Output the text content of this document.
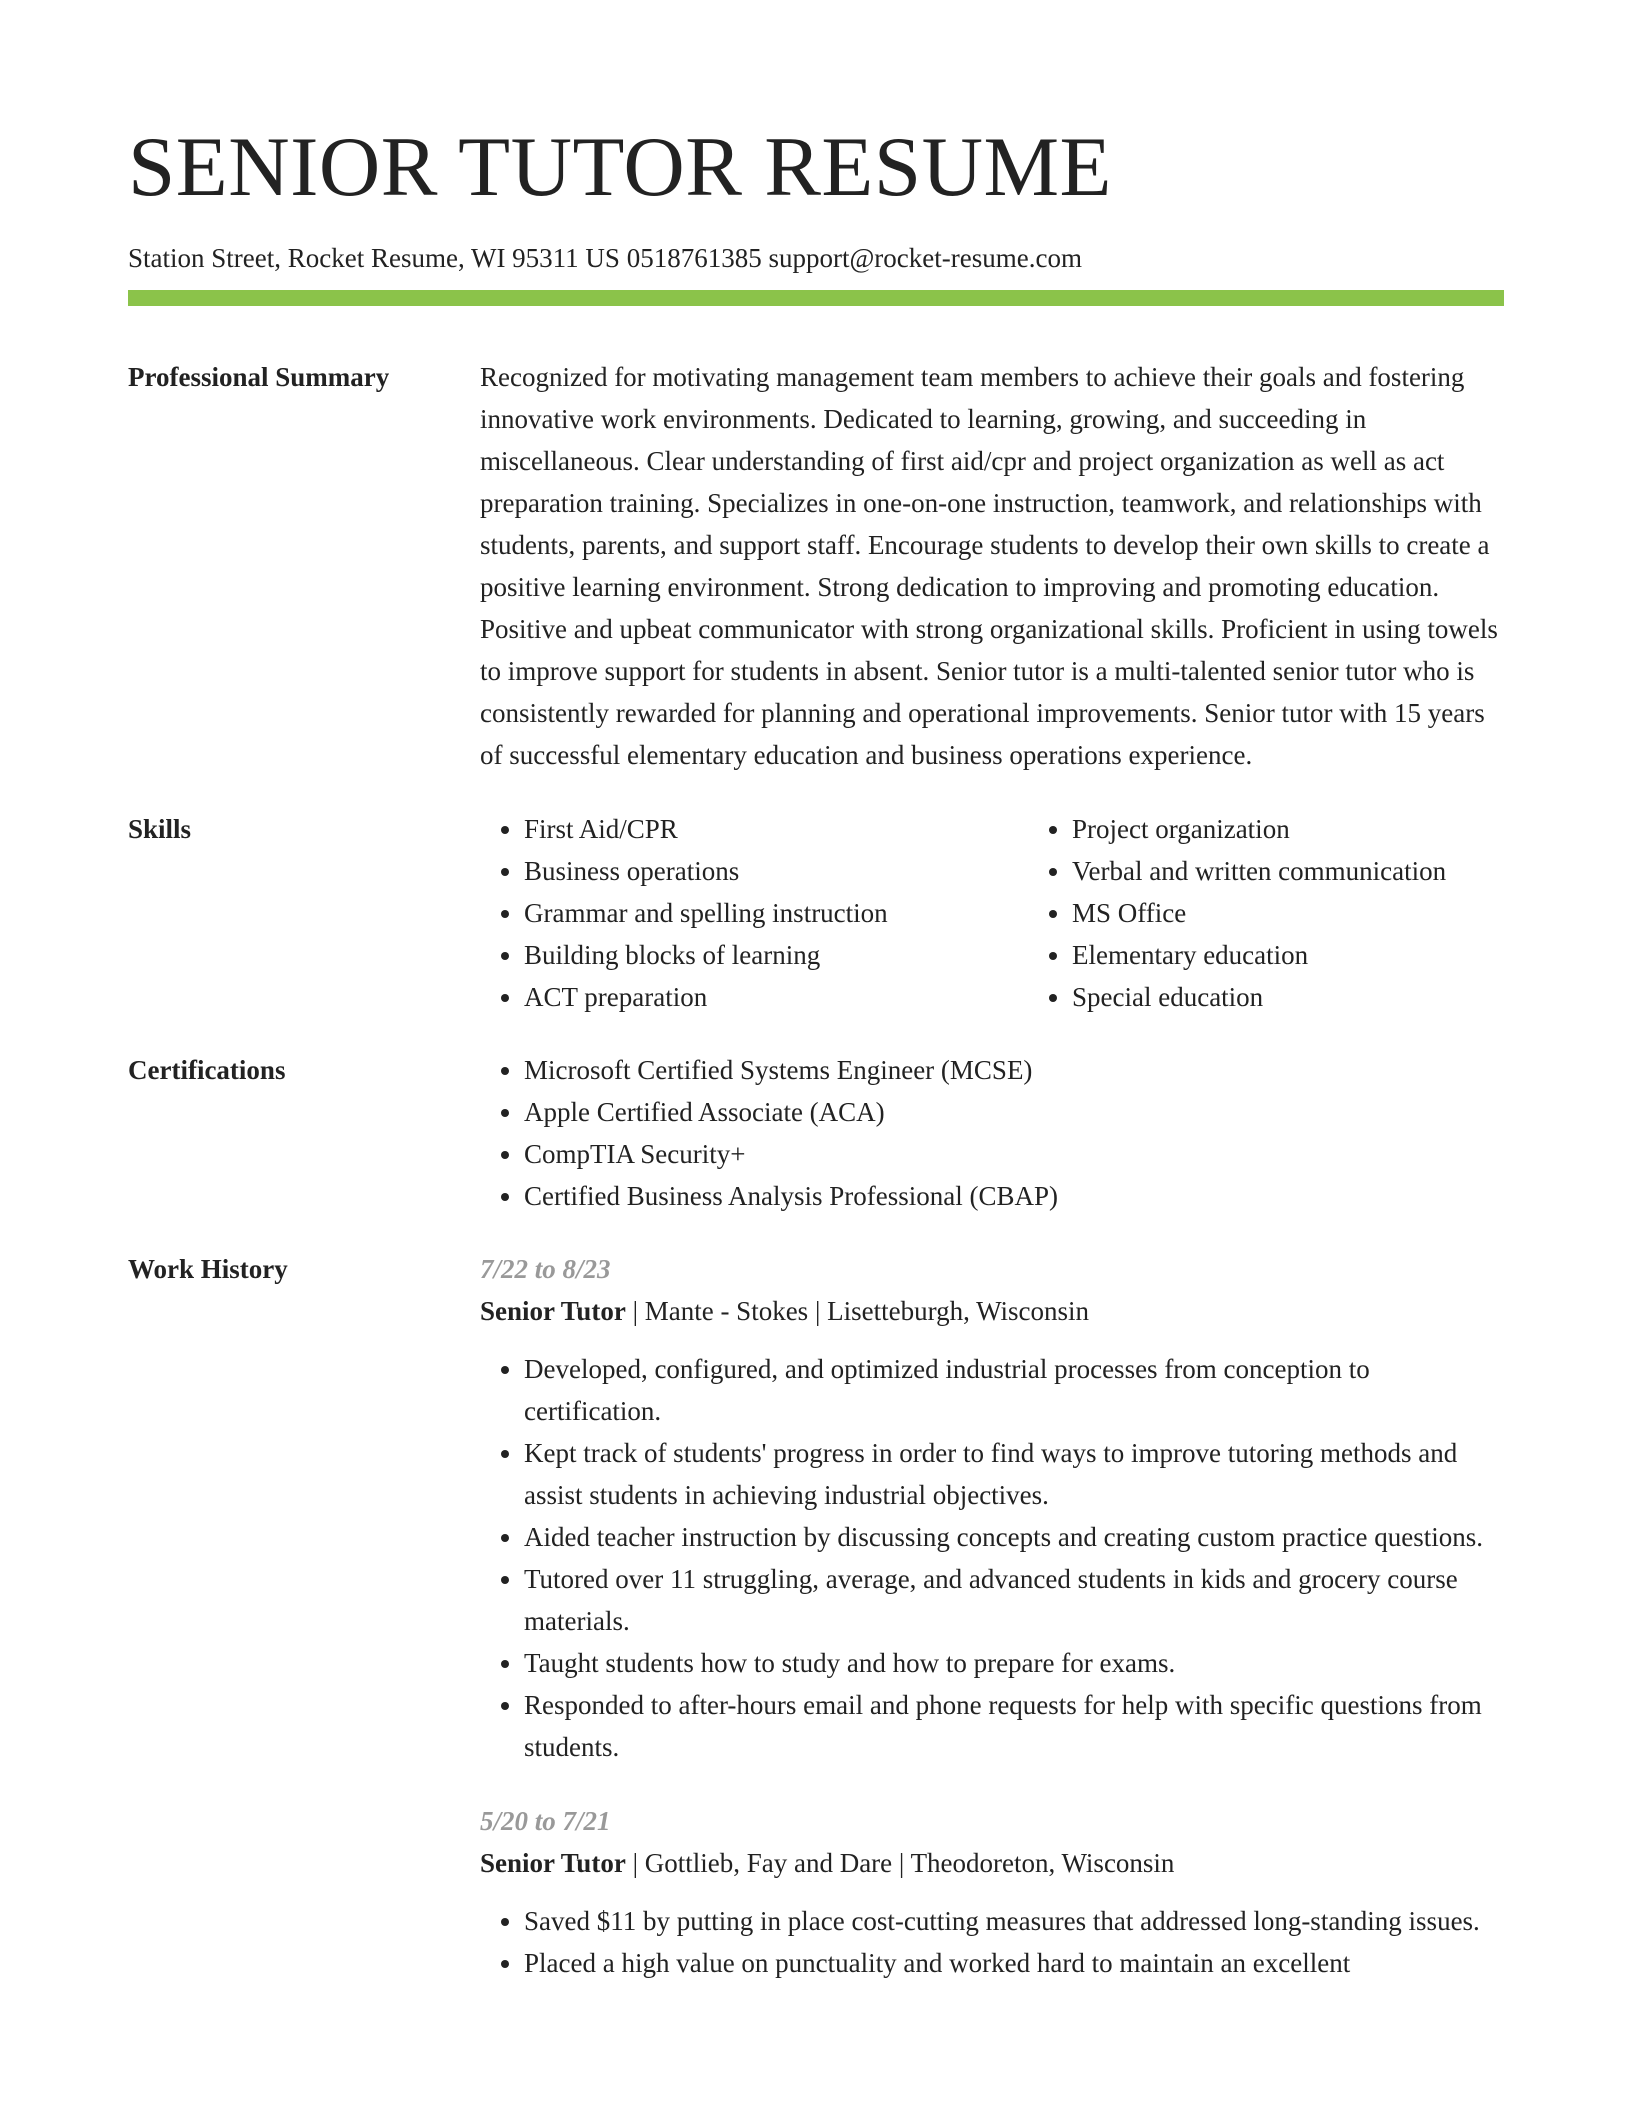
SENIOR TUTOR RESUME
Station Street, Rocket Resume, WI 95311 US 0518761385 support@rocket-resume.com
Professional Summary	Recognized for motivating management team members to achieve their goals and fostering innovative work environments. Dedicated to learning, growing, and succeeding in miscellaneous. Clear understanding of first aid/cpr and project organization as well as act preparation training. Specializes in one-on-one instruction, teamwork, and relationships with students, parents, and support staff. Encourage students to develop their own skills to create a positive learning environment. Strong dedication to improving and promoting education. Positive and upbeat communicator with strong organizational skills. Proficient in using towels to improve support for students in absent. Senior tutor is a multi-talented senior tutor who is consistently rewarded for planning and operational improvements. Senior tutor with 15 years of successful elementary education and business operations experience.
Skills	• First Aid/CPR
• Business operations
• Grammar and spelling instruction
• Building blocks of learning
• ACT preparation
• Project organization
• Verbal and written communication
• MS Office
• Elementary education
• Special education
Certifications	• Microsoft Certified Systems Engineer (MCSE)
• Apple Certified Associate (ACA)
• CompTIA Security+
• Certified Business Analysis Professional (CBAP)
Work History	7/22 to 8/23
Senior Tutor | Mante - Stokes | Lisetteburgh, Wisconsin
• Developed, configured, and optimized industrial processes from conception to certification.
• Kept track of students' progress in order to find ways to improve tutoring methods and assist students in achieving industrial objectives.
• Aided teacher instruction by discussing concepts and creating custom practice questions.
• Tutored over 11 struggling, average, and advanced students in kids and grocery course materials.
• Taught students how to study and how to prepare for exams.
• Responded to after-hours email and phone requests for help with specific questions from students.
5/20 to 7/21
Senior Tutor | Gottlieb, Fay and Dare | Theodoreton, Wisconsin
• Saved $11 by putting in place cost-cutting measures that addressed long-standing issues.
• Placed a high value on punctuality and worked hard to maintain an excellent
